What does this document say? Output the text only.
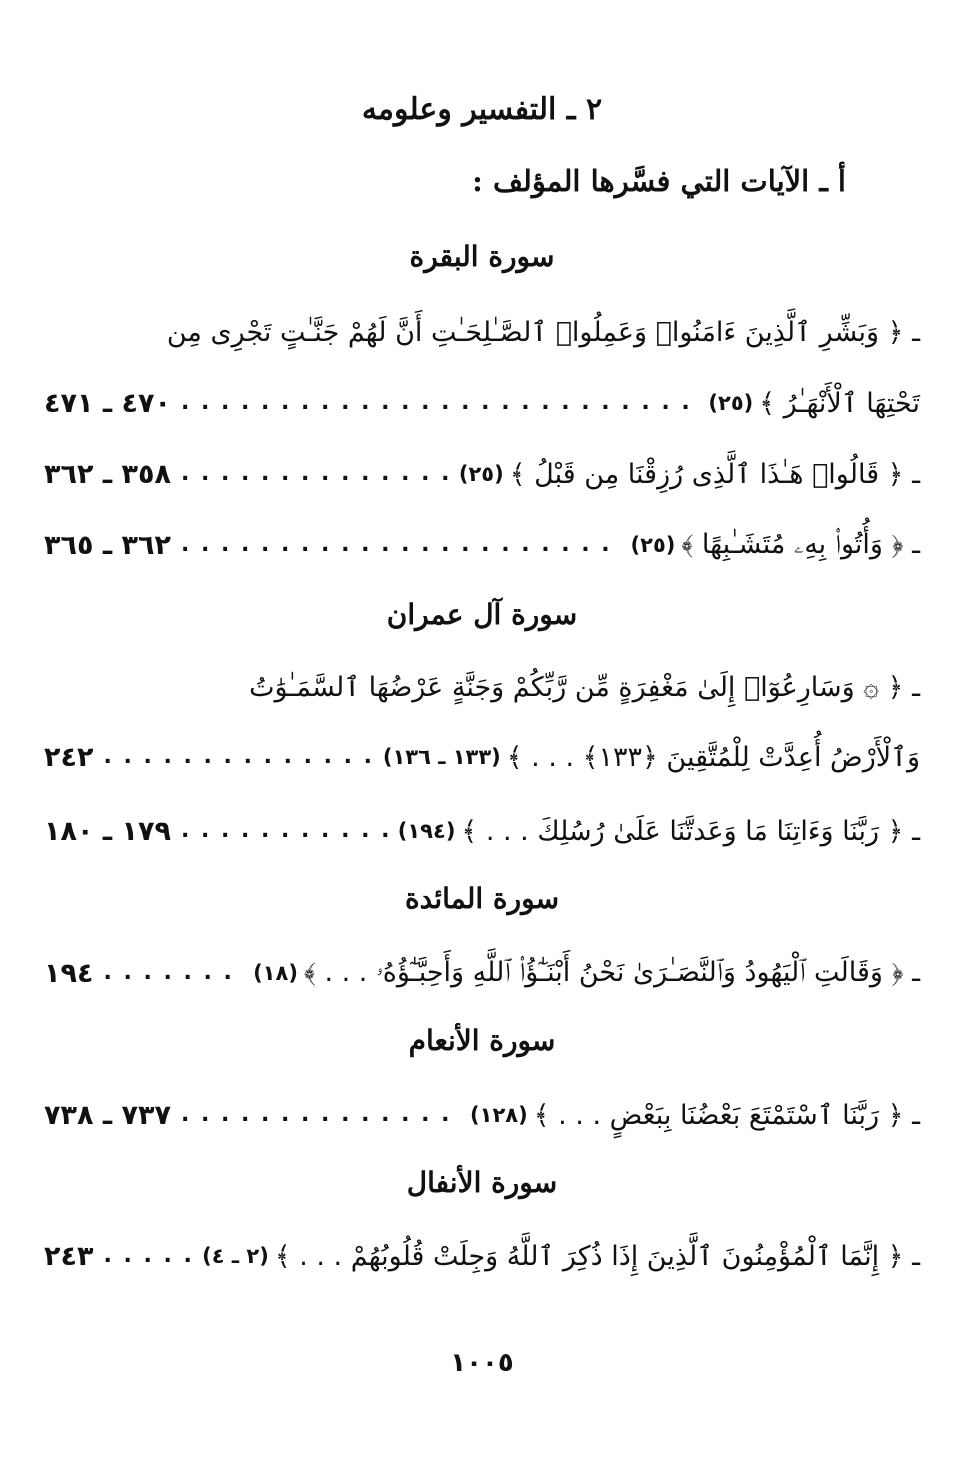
٢ ـ التفسير وعلومه
أ ـ الآيات التي فسَّرها المؤلف :
سورة البقرة
ـ ﴿ وَبَشِّرِ ٱلَّذِينَ ءَامَنُوا۟ وَعَمِلُوا۟ ٱلصَّـٰلِحَـٰتِ أَنَّ لَهُمْ جَنَّـٰتٍ تَجْرِى مِن
تَحْتِهَا ٱلْأَنْهَـٰرُ ﴾
(٢٥)
. . .
٤٧٠ ـ ٤٧١
ـ ﴿ قَالُوا۟ هَـٰذَا ٱلَّذِى رُزِقْنَا مِن قَبْلُ ﴾
(٢٥)
. . .
٣٥٨ ـ ٣٦٢
ـ ﴿ وَأُتُوا۟ بِهِۦ مُتَشَـٰبِهًا ﴾
(٢٥)
. . .
٣٦٢ ـ ٣٦٥
سورة آل عمران
ـ ﴿ ۞ وَسَارِعُوٓا۟ إِلَىٰ مَغْفِرَةٍ مِّن رَّبِّكُمْ وَجَنَّةٍ عَرْضُهَا ٱلسَّمَـٰوَٰتُ
وَٱلْأَرْضُ أُعِدَّتْ لِلْمُتَّقِينَ ﴿١٣٣﴾ . . . ﴾
(١٣٣ ـ ١٣٦)
. . .
٢٤٢
ـ ﴿ رَبَّنَا وَءَاتِنَا مَا وَعَدتَّنَا عَلَىٰ رُسُلِكَ . . . ﴾
(١٩٤)
. . .
١٧٩ ـ ١٨٠
سورة المائدة
ـ ﴿ وَقَالَتِ ٱلْيَهُودُ وَٱلنَّصَـٰرَىٰ نَحْنُ أَبْنَـٰٓؤُا۟ ٱللَّهِ وَأَحِبَّـٰٓؤُهُۥ . . . ﴾
(١٨)
. . .
١٩٤
سورة الأنعام
ـ ﴿ رَبَّنَا ٱسْتَمْتَعَ بَعْضُنَا بِبَعْضٍ . . . ﴾
(١٢٨)
. . .
٧٣٧ ـ ٧٣٨
سورة الأنفال
ـ ﴿ إِنَّمَا ٱلْمُؤْمِنُونَ ٱلَّذِينَ إِذَا ذُكِرَ ٱللَّهُ وَجِلَتْ قُلُوبُهُمْ . . . ﴾
(٢ ـ ٤)
. . .
٢٤٣
١٠٠٥
